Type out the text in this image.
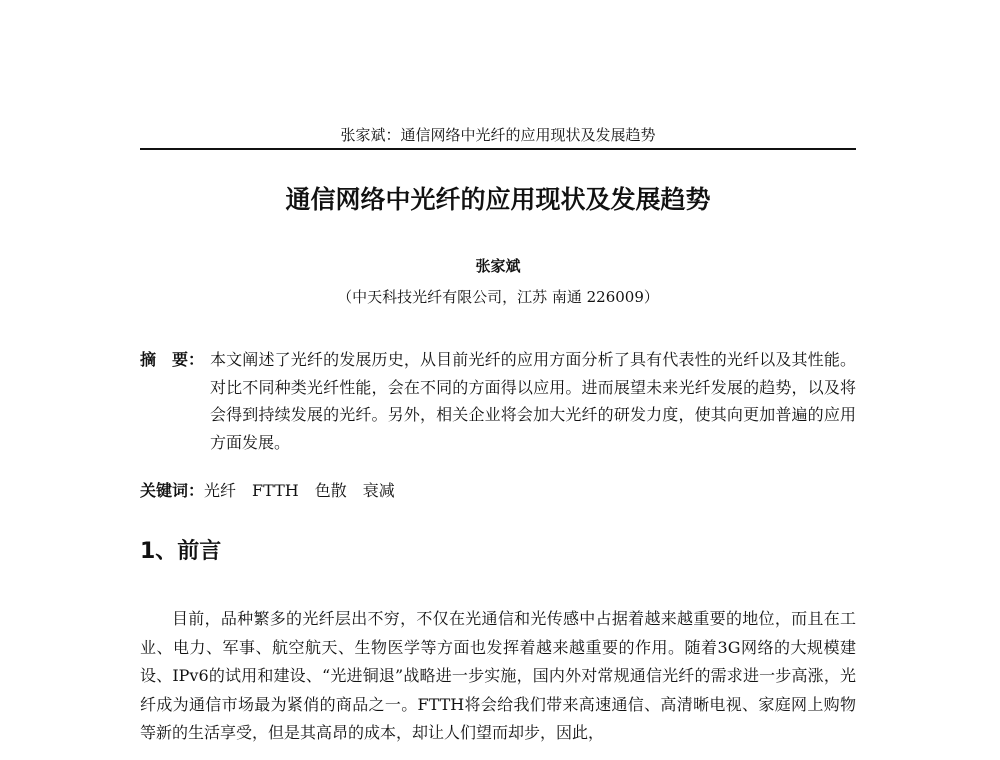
张家斌：通信网络中光纤的应用现状及发展趋势
通信网络中光纤的应用现状及发展趋势
张家斌
（中天科技光纤有限公司，江苏 南通 226009）
摘　要： 本文阐述了光纤的发展历史，从目前光纤的应用方面分析了具有代表性的光纤以及其性能。对比不同种类光纤性能，会在不同的方面得以应用。进而展望未来光纤发展的趋势，以及将会得到持续发展的光纤。另外，相关企业将会加大光纤的研发力度，使其向更加普遍的应用方面发展。
关键词： 光纤 FTTH 色散 衰减
1、前言
目前，品种繁多的光纤层出不穷，不仅在光通信和光传感中占据着越来越重要的地位，而且在工业、电力、军事、航空航天、生物医学等方面也发挥着越来越重要的作用。随着3G网络的大规模建设、IPv6的试用和建设、“光进铜退”战略进一步实施，国内外对常规通信光纤的需求进一步高涨，光纤成为通信市场最为紧俏的商品之一。FTTH将会给我们带来高速通信、高清晰电视、家庭网上购物等新的生活享受，但是其高昂的成本，却让人们望而却步，因此，
